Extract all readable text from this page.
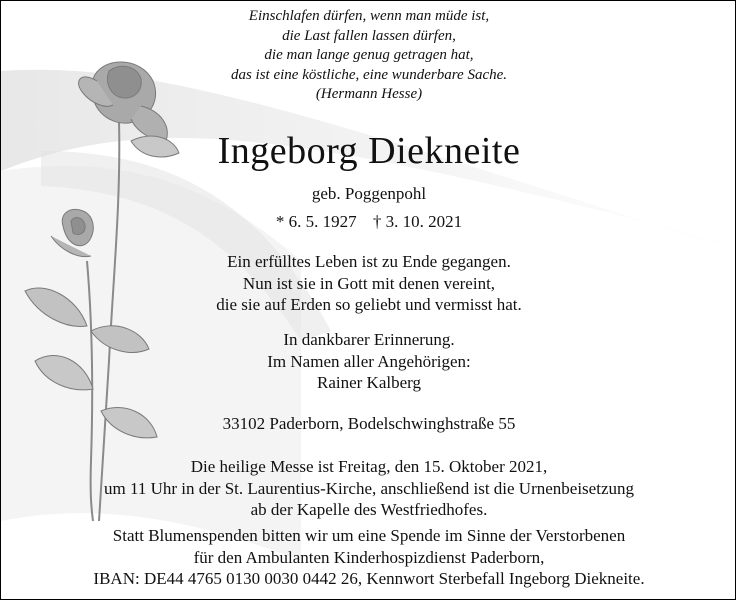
Einschlafen dürfen, wenn man müde ist,
die Last fallen lassen dürfen,
die man lange genug getragen hat,
das ist eine köstliche, eine wunderbare Sache.
(Hermann Hesse)
Ingeborg Diekneite
geb. Poggenpohl
* 6. 5. 1927 † 3. 10. 2021
Ein erfülltes Leben ist zu Ende gegangen.
Nun ist sie in Gott mit denen vereint,
die sie auf Erden so geliebt und vermisst hat.
In dankbarer Erinnerung.
Im Namen aller Angehörigen:
Rainer Kalberg
33102 Paderborn, Bodelschwinghstraße 55
Die heilige Messe ist Freitag, den 15. Oktober 2021,
um 11 Uhr in der St. Laurentius-Kirche, anschließend ist die Urnenbeisetzung
ab der Kapelle des Westfriedhofes.
Statt Blumenspenden bitten wir um eine Spende im Sinne der Verstorbenen
für den Ambulanten Kinderhospizdienst Paderborn,
IBAN: DE44 4765 0130 0030 0442 26, Kennwort Sterbefall Ingeborg Diekneite.
